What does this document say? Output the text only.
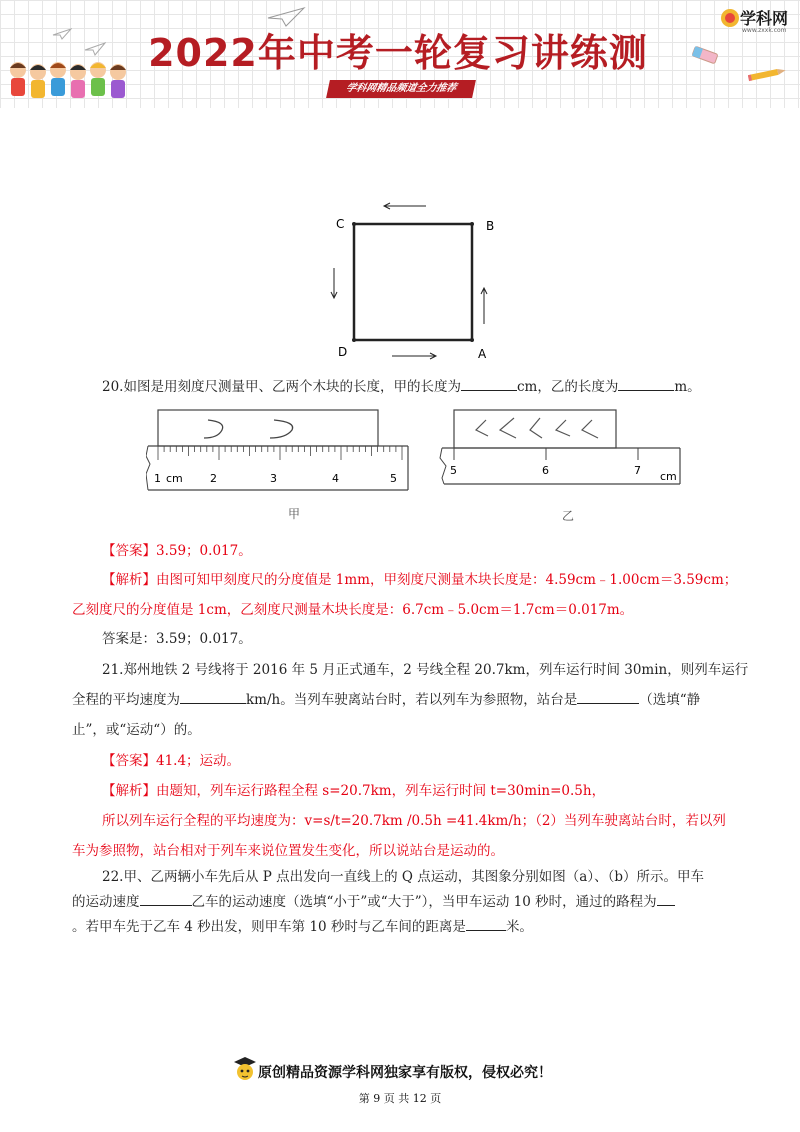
2022年中考一轮复习讲练测
学科网精品频道全力推荐
学科网
www.zxxk.com
C	B
D	A
20.如图是用刻度尺测量甲、乙两个木块的长度，甲的长度为	cm，乙的长度为	m。
1 cm 2	3	4	5
甲
5	6	7 cm
乙
【答案】3.59；0.017。
【解析】由图可知甲刻度尺的分度值是 1mm，甲刻度尺测量木块长度是：4.59cm﹣1.00cm＝3.59cm；
乙刻度尺的分度值是 1cm，乙刻度尺测量木块长度是：6.7cm﹣5.0cm＝1.7cm＝0.017m。
答案是：3.59；0.017。
21.郑州地铁 2 号线将于 2016 年 5 月正式通车，2 号线全程 20.7km，列车运行时间 30min，则列车运行
全程的平均速度为	km/h。当列车驶离站台时，若以列车为参照物，站台是	（选填“静
止”，或“运动“）的。
【答案】41.4；运动。
【解析】由题知，列车运行路程全程 s=20.7km，列车运行时间 t=30min=0.5h，
所以列车运行全程的平均速度为：v=s/t=20.7km /0.5h =41.4km/h；（2）当列车驶离站台时，若以列
车为参照物，站台相对于列车来说位置发生变化，所以说站台是运动的。
22.甲、乙两辆小车先后从 P 点出发向一直线上的 Q 点运动，其图象分别如图（a）、（b）所示。甲车
的运动速度	乙车的运动速度（选填“小于”或“大于”），当甲车运动 10 秒时，通过的路程为
。若甲车先于乙车 4 秒出发，则甲车第 10 秒时与乙车间的距离是	米。
原创精品资源学科网独家享有版权，侵权必究！
第 9 页 共 12 页
